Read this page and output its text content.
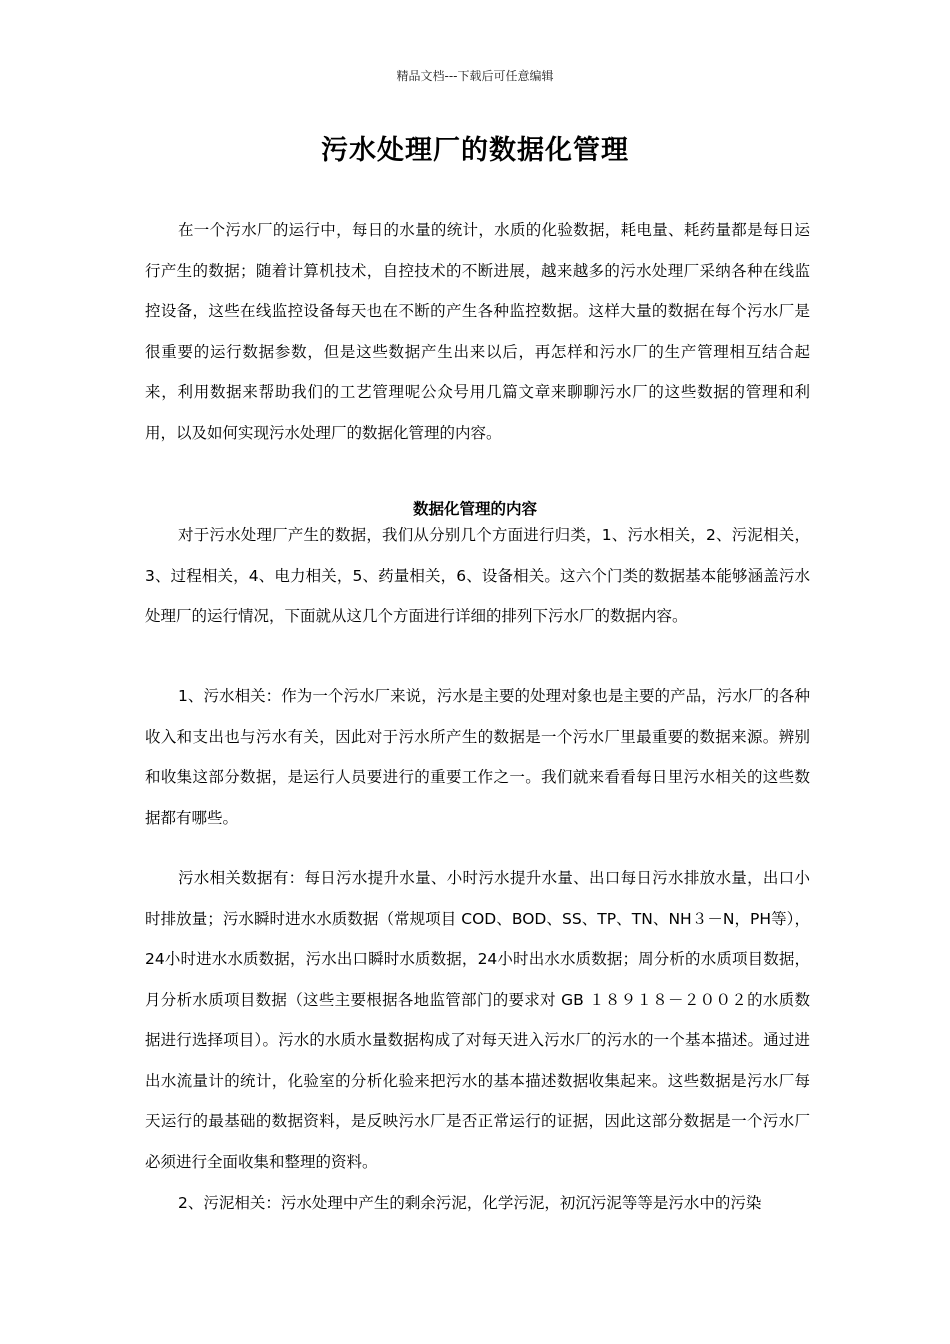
精品文档---下载后可任意编辑
污水处理厂的数据化管理

在一个污水厂的运行中，每日的水量的统计，水质的化验数据，耗电量、耗药量都是每日运行产生的数据；随着计算机技术，自控技术的不断进展，越来越多的污水处理厂采纳各种在线监控设备，这些在线监控设备每天也在不断的产生各种监控数据。这样大量的数据在每个污水厂是很重要的运行数据参数，但是这些数据产生出来以后，再怎样和污水厂的生产管理相互结合起来，利用数据来帮助我们的工艺管理呢公众号用几篇文章来聊聊污水厂的这些数据的管理和利用，以及如何实现污水处理厂的数据化管理的内容。

数据化管理的内容

对于污水处理厂产生的数据，我们从分别几个方面进行归类，1、污水相关，2、污泥相关，3、过程相关，4、电力相关，5、药量相关，6、设备相关。这六个门类的数据基本能够涵盖污水处理厂的运行情况，下面就从这几个方面进行详细的排列下污水厂的数据内容。

1、污水相关：作为一个污水厂来说，污水是主要的处理对象也是主要的产品，污水厂的各种收入和支出也与污水有关，因此对于污水所产生的数据是一个污水厂里最重要的数据来源。辨别和收集这部分数据，是运行人员要进行的重要工作之一。我们就来看看每日里污水相关的这些数据都有哪些。

污水相关数据有：每日污水提升水量、小时污水提升水量、出口每日污水排放水量，出口小时排放量；污水瞬时进水水质数据（常规项目 COD、BOD、SS、TP、TN、NH３－N，PH等），24小时进水水质数据，污水出口瞬时水质数据，24小时出水水质数据；周分析的水质项目数据，月分析水质项目数据（这些主要根据各地监管部门的要求对 GB １８９１８－２００２的水质数据进行选择项目）。污水的水质水量数据构成了对每天进入污水厂的污水的一个基本描述。通过进出水流量计的统计，化验室的分析化验来把污水的基本描述数据收集起来。这些数据是污水厂每天运行的最基础的数据资料，是反映污水厂是否正常运行的证据，因此这部分数据是一个污水厂必须进行全面收集和整理的资料。

2、污泥相关：污水处理中产生的剩余污泥，化学污泥，初沉污泥等等是污水中的污染
